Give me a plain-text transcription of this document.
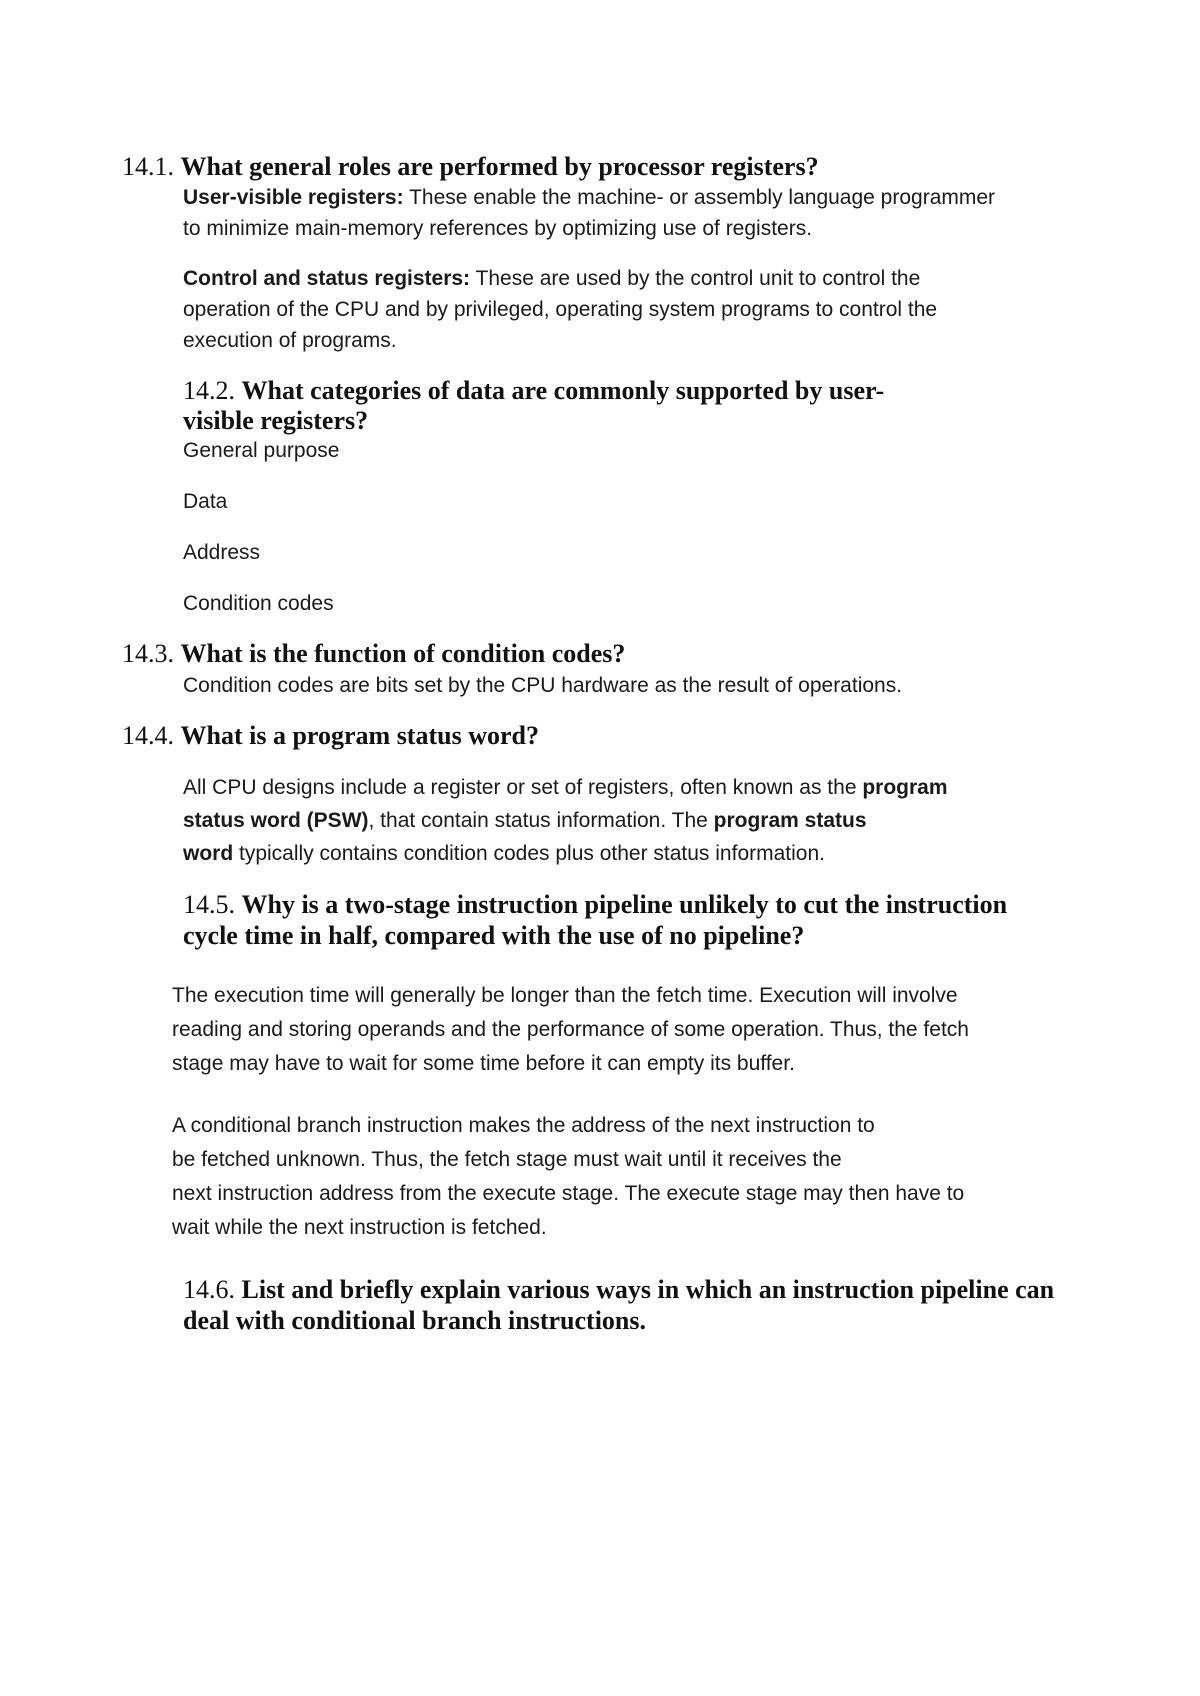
14.1. What general roles are performed by processor registers?
User-visible registers: These enable the machine- or assembly language programmer
to minimize main-memory references by optimizing use of registers.
Control and status registers: These are used by the control unit to control the
operation of the CPU and by privileged, operating system programs to control the
execution of programs.
14.2. What categories of data are commonly supported by user-
visible registers?
General purpose
Data
Address
Condition codes
14.3. What is the function of condition codes?
Condition codes are bits set by the CPU hardware as the result of operations.
14.4. What is a program status word?
All CPU designs include a register or set of registers, often known as the program
status word (PSW), that contain status information. The program status
word typically contains condition codes plus other status information.
14.5. Why is a two-stage instruction pipeline unlikely to cut the instruction
cycle time in half, compared with the use of no pipeline?
The execution time will generally be longer than the fetch time. Execution will involve
reading and storing operands and the performance of some operation. Thus, the fetch
stage may have to wait for some time before it can empty its buffer.
A conditional branch instruction makes the address of the next instruction to
be fetched unknown. Thus, the fetch stage must wait until it receives the
next instruction address from the execute stage. The execute stage may then have to
wait while the next instruction is fetched.
14.6. List and briefly explain various ways in which an instruction pipeline can
deal with conditional branch instructions.
